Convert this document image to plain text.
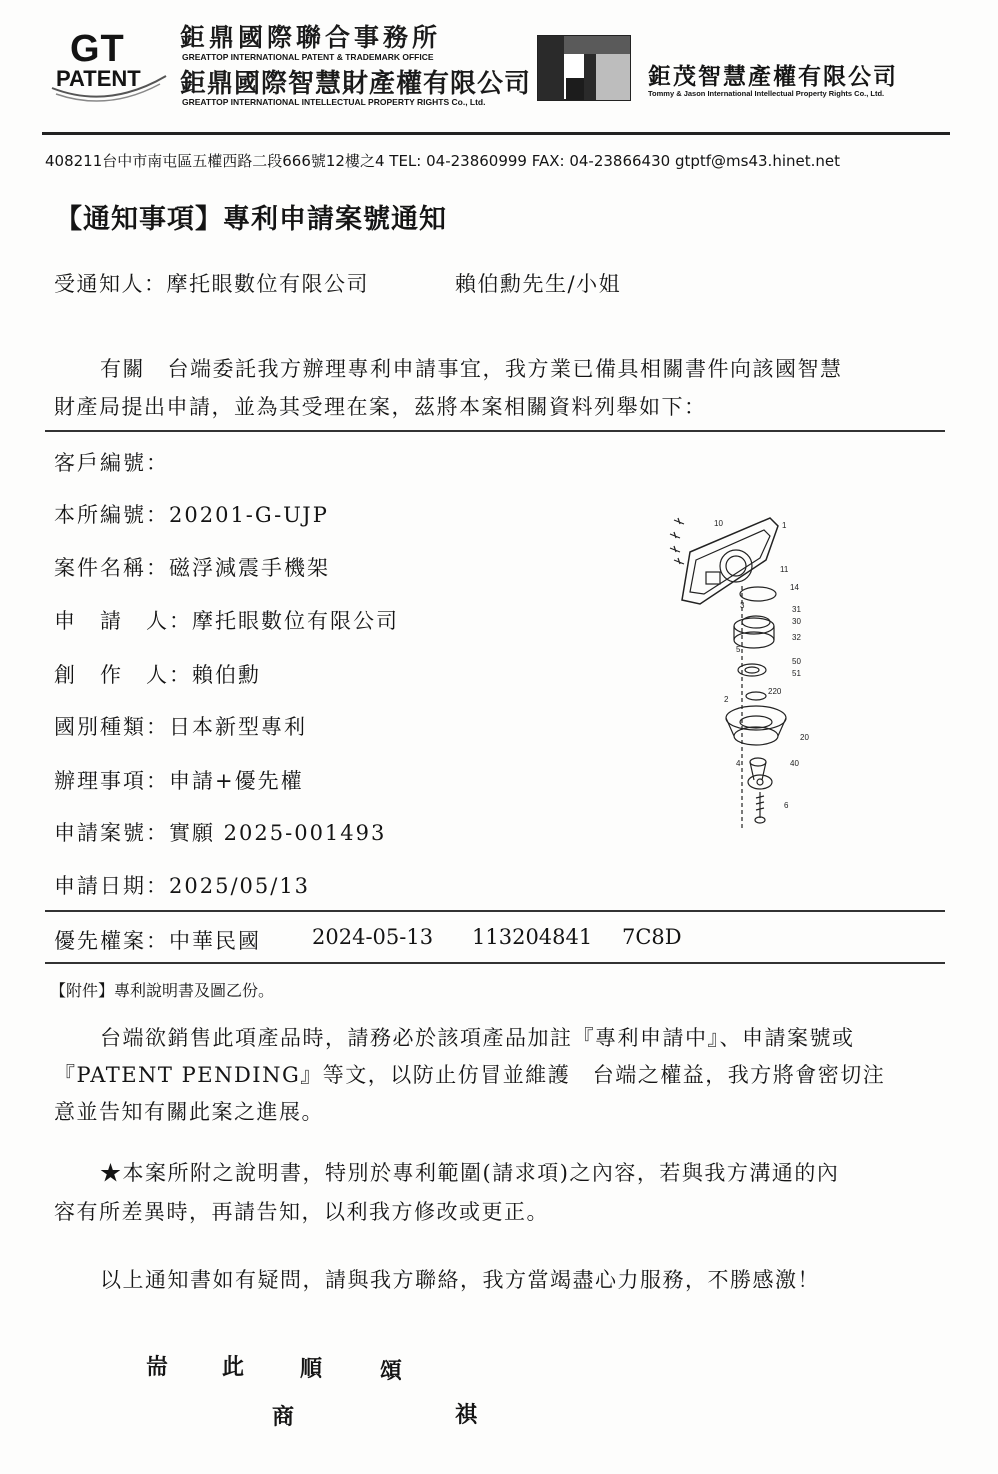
GT
PATENT
鉅鼎國際聯合事務所
GREATTOP INTERNATIONAL PATENT & TRADEMARK OFFICE
鉅鼎國際智慧財產權有限公司
GREATTOP INTERNATIONAL INTELLECTUAL PROPERTY RIGHTS Co., Ltd.
鉅茂智慧產權有限公司
Tommy & Jason International Intellectual Property Rights Co., Ltd.
408211台中市南屯區五權西路二段666號12樓之4 TEL: 04-23860999 FAX: 04-23866430 gtptf@ms43.hinet.net
【通知事項】專利申請案號通知
受通知人：摩托眼數位有限公司	賴伯勳先生/小姐
有關　台端委託我方辦理專利申請事宜，我方業已備具相關書件向該國智慧
財產局提出申請，並為其受理在案，茲將本案相關資料列舉如下：
客戶編號：
本所編號：20201-G-UJP
案件名稱：磁浮減震手機架
申　請　人：摩托眼數位有限公司
創　作　人：賴伯勳
國別種類：日本新型專利
辦理事項：申請+優先權
申請案號：實願 2025-001493
申請日期：2025/05/13
優先權案：中華民國 2024-05-13 113204841 7C8D
1
10
11
14
31
30
32
3
5
50
51
2
220
20
4	40
6
【附件】專利說明書及圖乙份。
台端欲銷售此項產品時，請務必於該項產品加註『專利申請中』、申請案號或
『PATENT PENDING』等文，以防止仿冒並維護　台端之權益，我方將會密切注
意並告知有關此案之進展。
★本案所附之說明書，特別於專利範圍(請求項)之內容，若與我方溝通的內
容有所差異時，再請告知，以利我方修改或更正。
以上通知書如有疑問，請與我方聯絡，我方當竭盡心力服務，不勝感激！
耑 此	順	頌
商	祺
